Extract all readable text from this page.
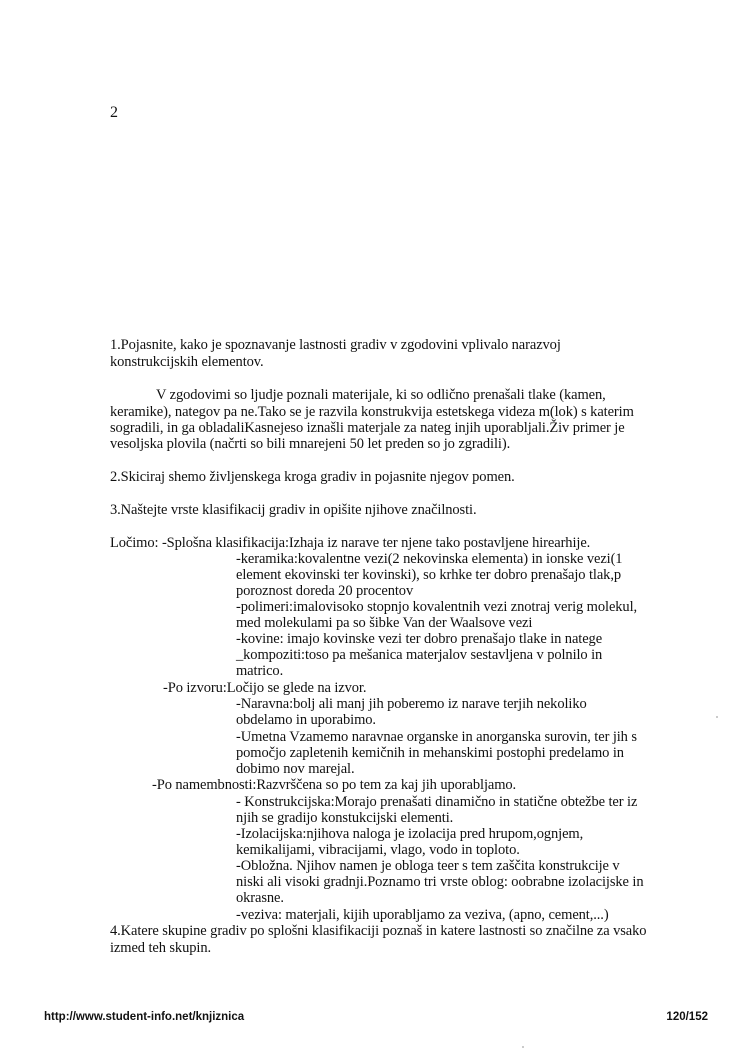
2
1.Pojasnite, kako je spoznavanje lastnosti gradiv v zgodovini vplivalo narazvoj
konstrukcijskih elementov.
V zgodovimi so ljudje poznali materijale, ki so odlično prenašali tlake (kamen,
keramike), nategov pa ne.Tako se je razvila konstrukvija estetskega videza m(lok) s katerim
sogradili, in ga obladaliKasnejeso iznašli materjale za nateg injih uporabljali.Živ primer je
vesoljska plovila (načrti so bili mnarejeni 50 let preden so jo zgradili).
2.Skiciraj shemo življenskega kroga gradiv in pojasnite njegov pomen.
3.Naštejte vrste klasifikacij gradiv in opišite njihove značilnosti.
Ločimo: -Splošna klasifikacija:Izhaja iz narave ter njene tako postavljene hirearhije.
-keramika:kovalentne vezi(2 nekovinska elementa) in ionske vezi(1
element ekovinski ter kovinski), so krhke ter dobro prenašajo tlak,p
poroznost doreda 20 procentov
-polimeri:imalovisoko stopnjo kovalentnih vezi znotraj verig molekul,
med molekulami pa so šibke Van der Waalsove vezi
-kovine: imajo kovinske vezi ter dobro prenašajo tlake in natege
_kompoziti:toso pa mešanica materjalov sestavljena v polnilo in
matrico.
-Po izvoru:Ločijo se glede na izvor.
-Naravna:bolj ali manj jih poberemo iz narave terjih nekoliko
obdelamo in uporabimo.
-Umetna Vzamemo naravnae organske in anorganska surovin, ter jih s
pomočjo zapletenih kemičnih in mehanskimi postophi predelamo in
dobimo nov marejal.
-Po namembnosti:Razvrščena so po tem za kaj jih uporabljamo.
- Konstrukcijska:Morajo prenašati dinamično in statične obtežbe ter iz
njih se gradijo konstukcijski elementi.
-Izolacijska:njihova naloga je izolacija pred hrupom,ognjem,
kemikalijami, vibracijami, vlago, vodo in toploto.
-Obložna. Njihov namen je obloga teer s tem zaščita konstrukcije v
niski ali visoki gradnji.Poznamo tri vrste oblog: oobrabne izolacijske in
okrasne.
-veziva: materjali, kijih uporabljamo za veziva, (apno, cement,...)
4.Katere skupine gradiv po splošni klasifikaciji poznaš in katere lastnosti so značilne za vsako
izmed teh skupin.
http://www.student-info.net/knjiznica	120/152
